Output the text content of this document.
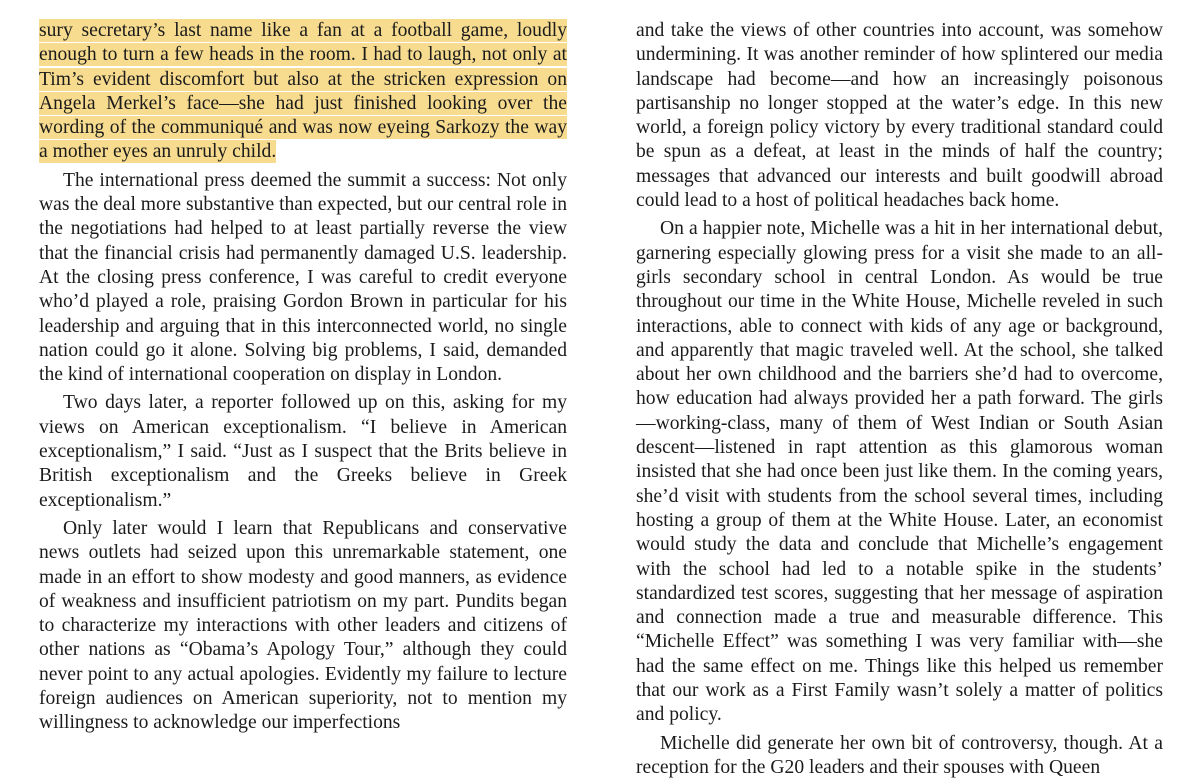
sury secretary’s last name like a fan at a football game, loudly enough to turn a few heads in the room. I had to laugh, not only at Tim’s evident discomfort but also at the stricken expression on Angela Merkel’s face—she had just finished looking over the wording of the communiqué and was now eyeing Sarkozy the way a mother eyes an unruly child.

The international press deemed the summit a success: Not only was the deal more substantive than expected, but our central role in the negotiations had helped to at least partially reverse the view that the financial crisis had permanently damaged U.S. leadership. At the closing press conference, I was careful to credit everyone who’d played a role, praising Gordon Brown in particular for his leadership and arguing that in this interconnected world, no single nation could go it alone. Solving big problems, I said, demanded the kind of international cooperation on display in London.

Two days later, a reporter followed up on this, asking for my views on American exceptionalism. “I believe in American exceptionalism,” I said. “Just as I suspect that the Brits believe in British exceptionalism and the Greeks believe in Greek exceptionalism.”

Only later would I learn that Republicans and conservative news outlets had seized upon this unremarkable statement, one made in an effort to show modesty and good manners, as evidence of weakness and insufficient patriotism on my part. Pundits began to characterize my interactions with other leaders and citizens of other nations as “Obama’s Apology Tour,” although they could never point to any actual apologies. Evidently my failure to lecture foreign audiences on American superiority, not to mention my willingness to acknowledge our imperfections

and take the views of other countries into account, was somehow undermining. It was another reminder of how splintered our media landscape had become—and how an increasingly poisonous partisanship no longer stopped at the water’s edge. In this new world, a foreign policy victory by every traditional standard could be spun as a defeat, at least in the minds of half the country; messages that advanced our interests and built goodwill abroad could lead to a host of political headaches back home.

On a happier note, Michelle was a hit in her international debut, garnering especially glowing press for a visit she made to an all-girls secondary school in central London. As would be true throughout our time in the White House, Michelle reveled in such interactions, able to connect with kids of any age or background, and apparently that magic traveled well. At the school, she talked about her own childhood and the barriers she’d had to overcome, how education had always provided her a path forward. The girls—working-class, many of them of West Indian or South Asian descent—listened in rapt attention as this glamorous woman insisted that she had once been just like them. In the coming years, she’d visit with students from the school several times, including hosting a group of them at the White House. Later, an economist would study the data and conclude that Michelle’s engagement with the school had led to a notable spike in the students’ standardized test scores, suggesting that her message of aspiration and connection made a true and measurable difference. This “Michelle Effect” was something I was very familiar with—she had the same effect on me. Things like this helped us remember that our work as a First Family wasn’t solely a matter of politics and policy.

Michelle did generate her own bit of controversy, though. At a reception for the G20 leaders and their spouses with Queen
